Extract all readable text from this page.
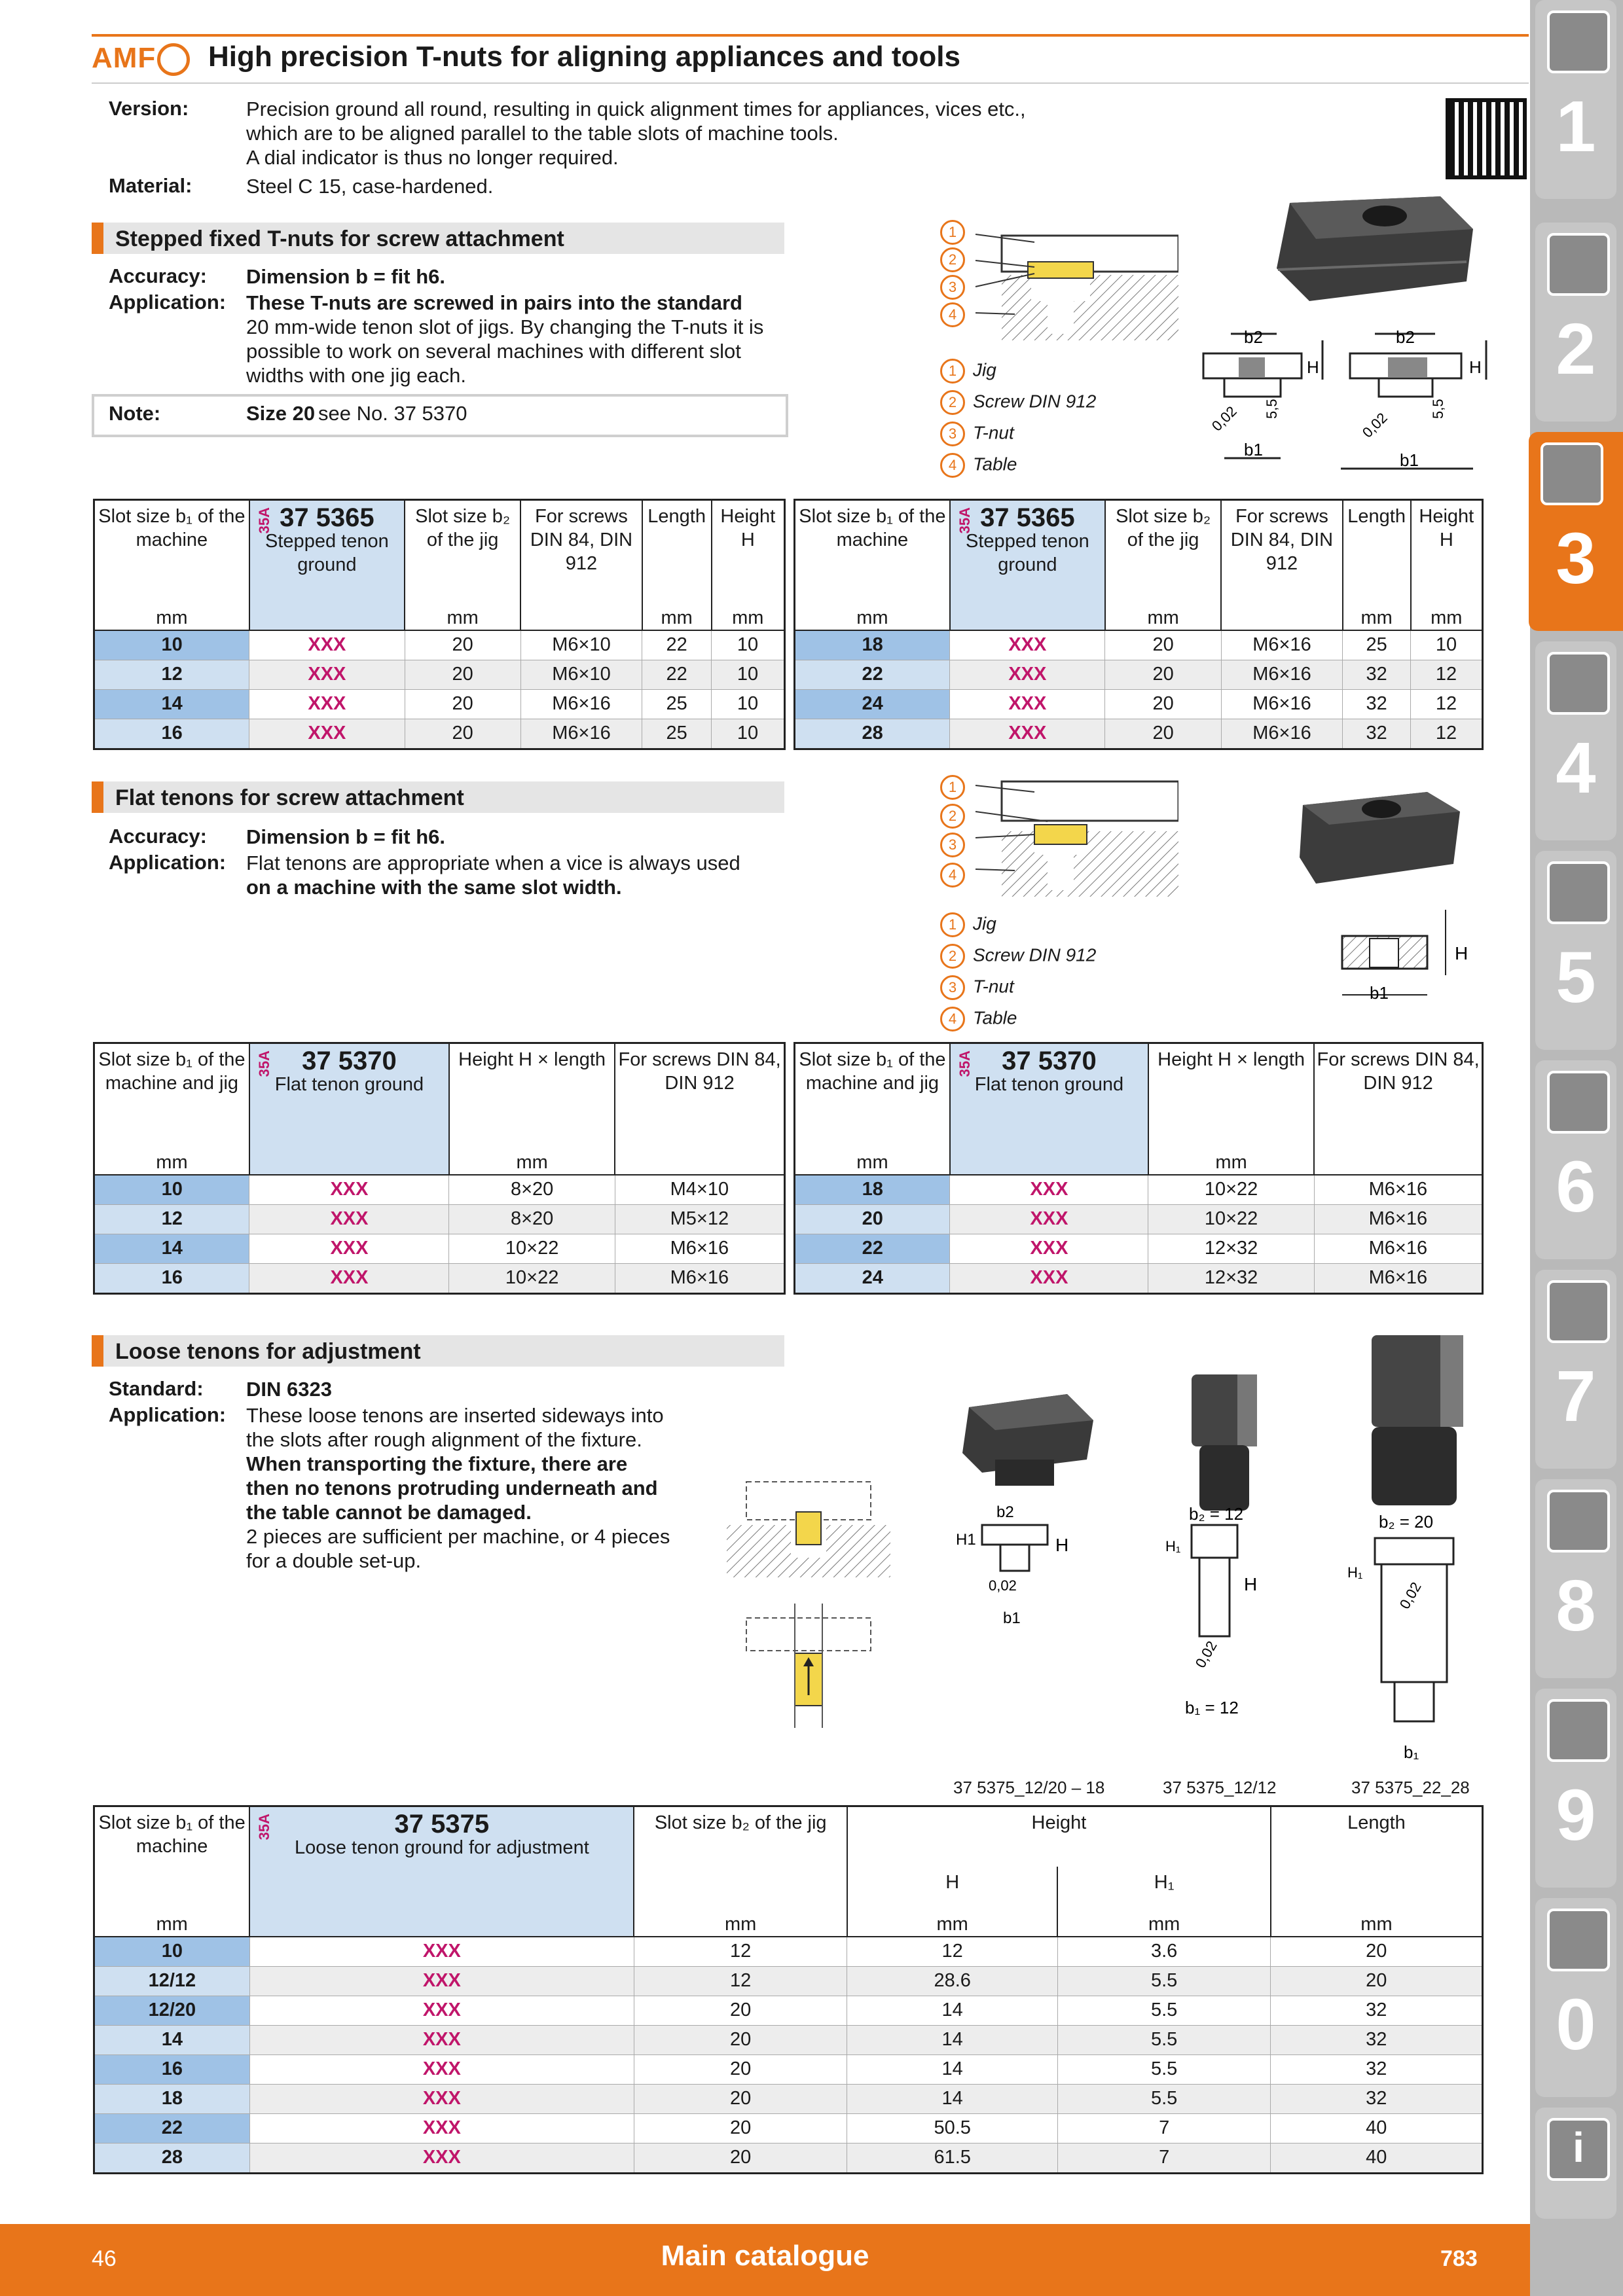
AMF	High precision T-nuts for aligning appliances and tools
Version:	Precision ground all round, resulting in quick alignment times for appliances, vices etc.,
which are to be aligned parallel to the table slots of machine tools.
A dial indicator is thus no longer required.
Material:	Steel C 15, case-hardened.
Stepped fixed T-nuts for screw attachment
Accuracy: Dimension b = fit h6.
Application: These T-nuts are screwed in pairs into the standard
20 mm-wide tenon slot of jigs. By changing the T-nuts it is
possible to work on several machines with different slot
widths with one jig each.
Note:	Size 20 see No. 37 5370
1
2
3
4
1 Jig
2 Screw DIN 912
3 T-nut
4 Table
b2	b2
b1
b1
H	H
5,5	5,5
0,02	0,02
Slot size b₁ of the machine	35A 37 5365
Stepped tenon ground	Slot size b₂ of the jig	For screws DIN 84, DIN 912	Length	Height H
mm		mm		mm	mm
10	XXX	20	M6×10	22	10
12	XXX	20	M6×10	22	10
14	XXX	20	M6×16	25	10
16	XXX	20	M6×16	25	10
Slot size b₁ of the machine	35A 37 5365
Stepped tenon ground	Slot size b₂ of the jig	For screws DIN 84, DIN 912	Length	Height H
mm		mm		mm	mm
18	XXX	20	M6×16	25	10
22	XXX	20	M6×16	32	12
24	XXX	20	M6×16	32	12
28	XXX	20	M6×16	32	12
Flat tenons for screw attachment
Accuracy: Dimension b = fit h6.
Application: Flat tenons are appropriate when a vice is always used
on a machine with the same slot width.
1
2
3
4
1 Jig
2 Screw DIN 912
3 T-nut
4 Table
H
b1
Slot size b₁ of the machine and jig	35A 37 5370
Flat tenon ground	Height H × length	For screws DIN 84, DIN 912
mm		mm	
10	XXX	8×20	M4×10
12	XXX	8×20	M5×12
14	XXX	10×22	M6×16
16	XXX	10×22	M6×16
Slot size b₁ of the machine and jig	35A 37 5370
Flat tenon ground	Height H × length	For screws DIN 84, DIN 912
mm		mm	
18	XXX	10×22	M6×16
20	XXX	10×22	M6×16
22	XXX	12×32	M6×16
24	XXX	12×32	M6×16
Loose tenons for adjustment
Standard: DIN 6323
Application: These loose tenons are inserted sideways into
the slots after rough alignment of the fixture.
When transporting the fixture, there are
then no tenons protruding underneath and
the table cannot be damaged.
2 pieces are sufficient per machine, or 4 pieces
for a double set-up.
b2
H1	H
0,02
b1
b₂ = 12
H₁
H
0,02
b₁ = 12
b₂ = 20
H₁
0,02
b₁
37 5375_12/20 – 18	37 5375_12/12	37 5375_22_28
Slot size b₁ of the machine	35A 37 5375
Loose tenon ground for adjustment	Slot size b₂ of the jig	Height		Length
			H	H₁	
mm		mm	mm	mm	mm
10	XXX	12	12	3.6	20
12/12	XXX	12	28.6	5.5	20
12/20	XXX	20	14	5.5	32
14	XXX	20	14	5.5	32
16	XXX	20	14	5.5	32
18	XXX	20	14	5.5	32
22	XXX	20	50.5	7	40
28	XXX	20	61.5	7	40
1
2
3
4
5
6
7
8
9
0
i
46	Main catalogue	783
